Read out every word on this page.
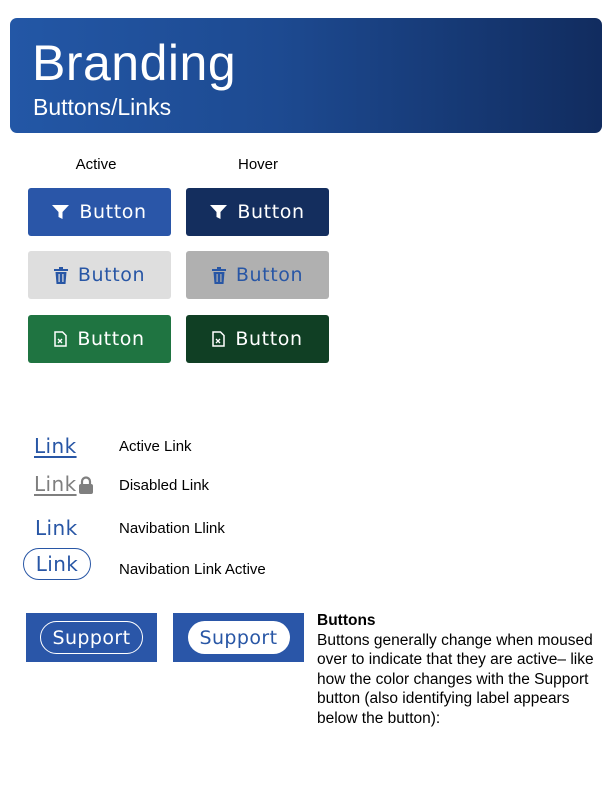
Branding
Buttons/Links
Active	Hover
Button	Button
Button	Button
Button	Button
Link	Active Link
Link	Disabled Link
Link	Navibation Llink
Link	Navibation Link Active
Support	Support
Buttons
Buttons generally change when moused over to indicate that they are active– like how the color changes with the Support button (also identifying label appears below the button):
